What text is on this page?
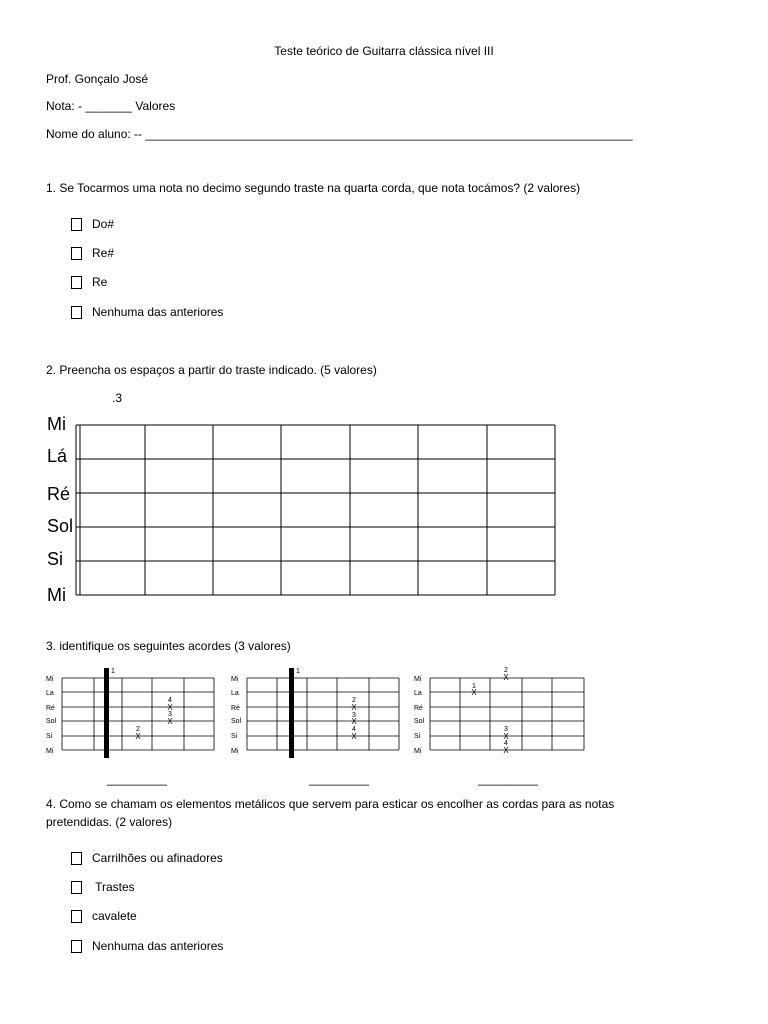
Teste teórico de Guitarra clássica nível III
Prof. Gonçalo José
Nota: - _______ Valores
Nome do aluno: -- _________________________________________________________________________
1. Se Tocarmos uma nota no decimo segundo traste na quarta corda, que nota tocámos? (2 valores)
Do#
Re#
Re
Nenhuma das anteriores
2. Preencha os espaços a partir do traste indicado. (5 valores)
.3
Mi
Lá
Ré
Sol
Si
Mi
3. identifique os seguintes acordes (3 valores)
Mi
La
Ré
Sol
Si
Mi
1
4
X
3
X
2
X
Mi
La
Ré
Sol
Si
Mi
1
2
X
3
X
4
X
Mi
La
Ré
Sol
Si
Mi
1
X
2
X
3
X
4
X
_________	_________	_________
4. Como se chamam os elementos metálicos que servem para esticar os encolher as cordas para as notas
pretendidas. (2 valores)
Carrilhões ou afinadores
Trastes
cavalete
Nenhuma das anteriores
